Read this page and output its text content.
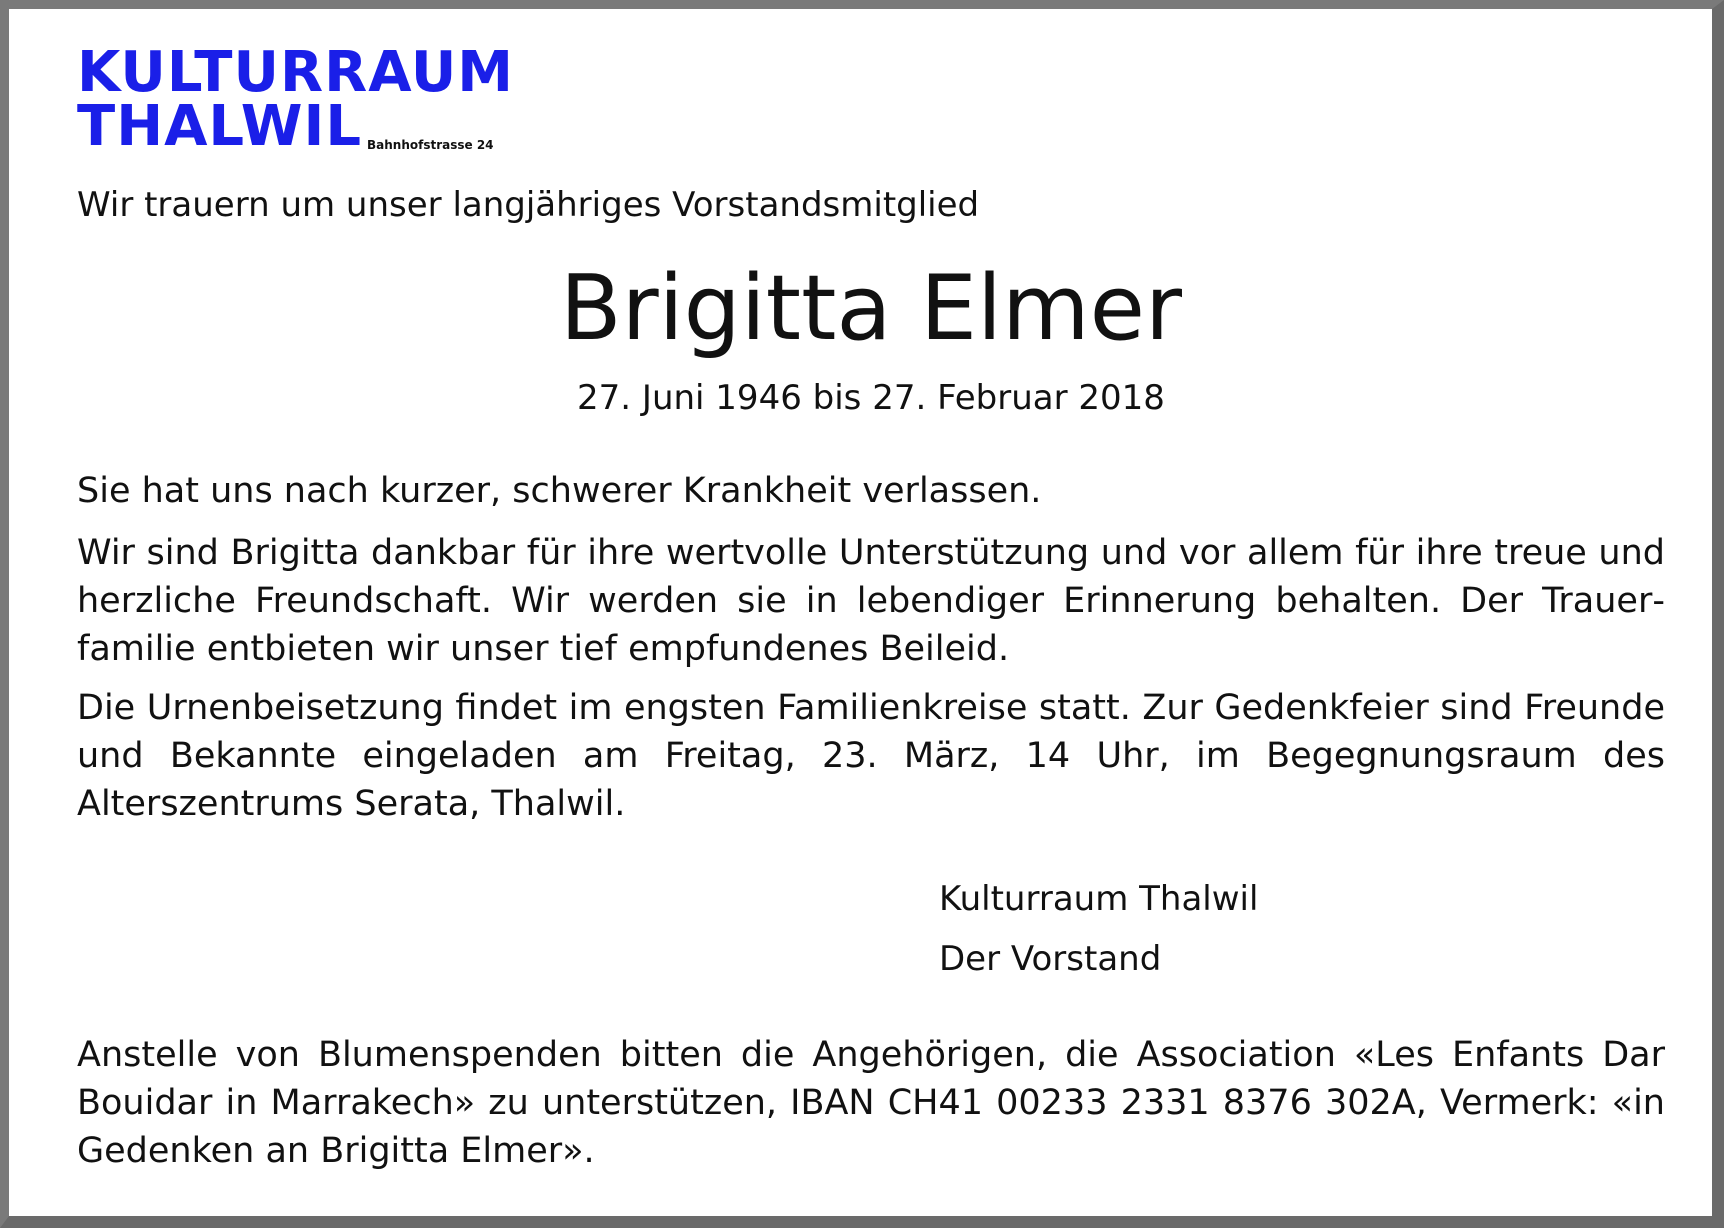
KULTURRAUM
THALWIL Bahnhofstrasse 24
Wir trauern um unser langjähriges Vorstandsmitglied
Brigitta Elmer
27. Juni 1946 bis 27. Februar 2018
Sie hat uns nach kurzer, schwerer Krankheit verlassen.
Wir sind Brigitta dankbar für ihre wertvolle Unterstützung und vor allem für ihre treue und herzliche Freundschaft. Wir werden sie in lebendiger Erinnerung behalten. Der Trauerfamilie entbieten wir unser tief empfundenes Beileid.
Die Urnenbeisetzung findet im engsten Familienkreise statt. Zur Gedenkfeier sind Freunde und Bekannte eingeladen am Freitag, 23. März, 14 Uhr, im Begegnungsraum des Alterszentrums Serata, Thalwil.
Kulturraum Thalwil
Der Vorstand
Anstelle von Blumenspenden bitten die Angehörigen, die Association «Les Enfants Dar Bouidar in Marrakech» zu unterstützen, IBAN CH41 00233 2331 8376 302A, Vermerk: «in Gedenken an Brigitta Elmer».
